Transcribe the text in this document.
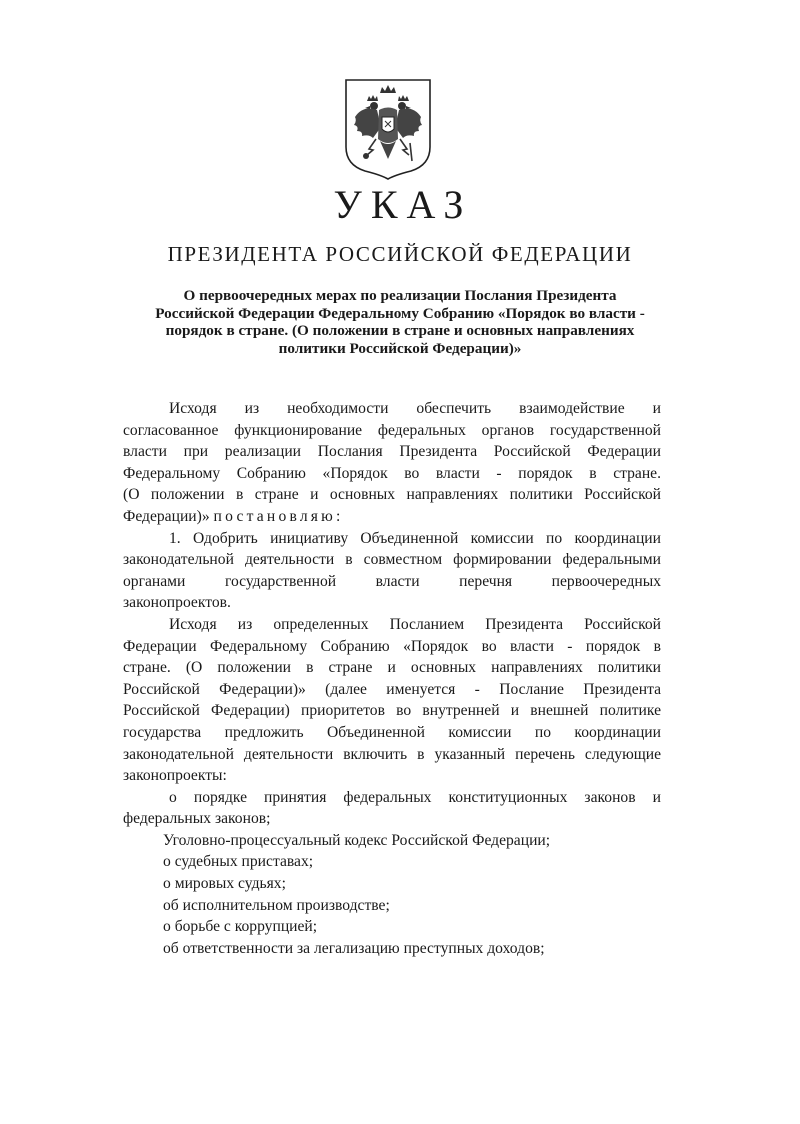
УКАЗ
ПРЕЗИДЕНТА РОССИЙСКОЙ ФЕДЕРАЦИИ
О первоочередных мерах по реализации Послания Президента
Российской Федерации Федеральному Собранию «Порядок во власти -
порядок в стране. (О положении в стране и основных направлениях
политики Российской Федерации)»
Исходя из необходимости обеспечить взаимодействие и
согласованное функционирование федеральных органов государственной
власти при реализации Послания Президента Российской Федерации
Федеральному Собранию «Порядок во власти - порядок в стране.
(О положении в стране и основных направлениях политики Российской
Федерации)» постановляю:
1. Одобрить инициативу Объединенной комиссии по координации
законодательной деятельности в совместном формировании федеральными
органами государственной власти перечня первоочередных
законопроектов.
Исходя из определенных Посланием Президента Российской
Федерации Федеральному Собранию «Порядок во власти - порядок в
стране. (О положении в стране и основных направлениях политики
Российской Федерации)» (далее именуется - Послание Президента
Российской Федерации) приоритетов во внутренней и внешней политике
государства предложить Объединенной комиссии по координации
законодательной деятельности включить в указанный перечень следующие
законопроекты:
о порядке принятия федеральных конституционных законов и
федеральных законов;
Уголовно-процессуальный кодекс Российской Федерации;
о судебных приставах;
о мировых судьях;
об исполнительном производстве;
о борьбе с коррупцией;
об ответственности за легализацию преступных доходов;
